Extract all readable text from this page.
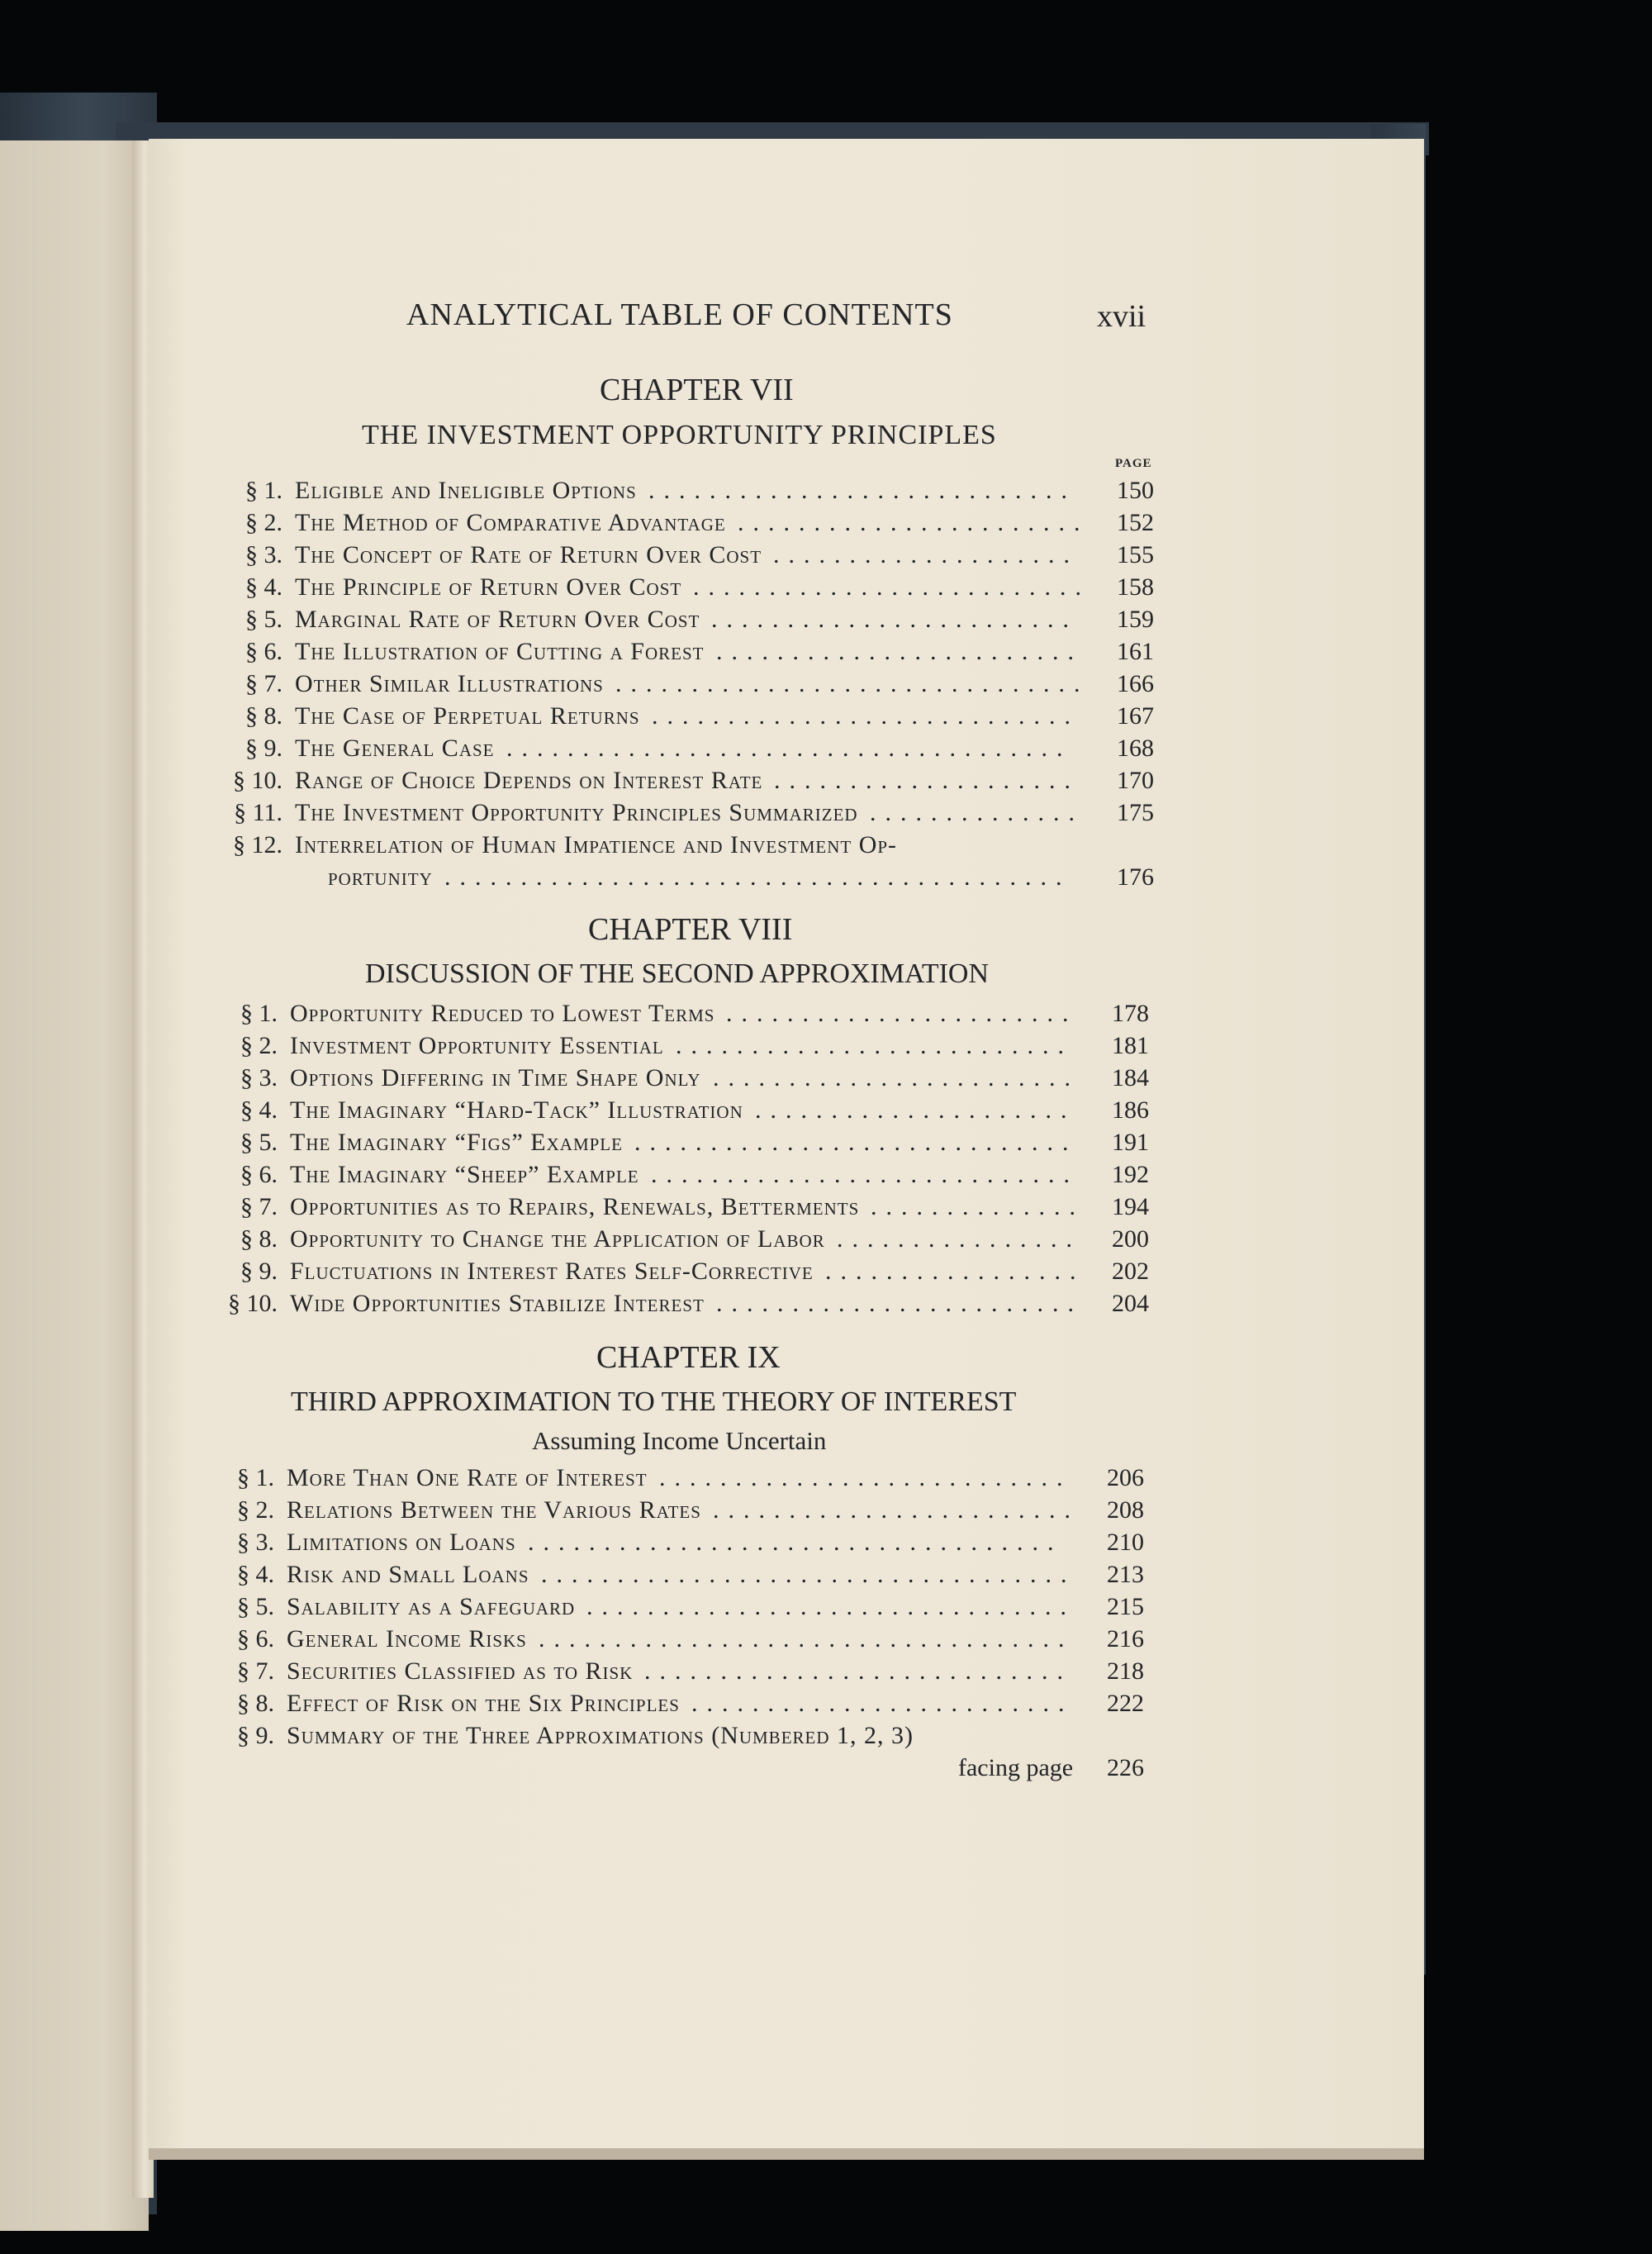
ANALYTICAL TABLE OF CONTENTS	xvii
PAGE
CHAPTER VII
THE INVESTMENT OPPORTUNITY PRINCIPLES
CHAPTER VIII
DISCUSSION OF THE SECOND APPROXIMATION
CHAPTER IX
THIRD APPROXIMATION TO THE THEORY OF INTEREST
Assuming Income Uncertain
§ 1. Eligible and Ineligible Options ............................ 150
§ 2. The Method of Comparative Advantage ....................... 152
§ 3. The Concept of Rate of Return Over Cost .................... 155
§ 4. The Principle of Return Over Cost .......................... 158
§ 5. Marginal Rate of Return Over Cost ........................ 159
§ 6. The Illustration of Cutting a Forest ........................ 161
§ 7. Other Similar Illustrations ............................... 166
§ 8. The Case of Perpetual Returns ............................ 167
§ 9. The General Case ..................................... 168
§ 10. Range of Choice Depends on Interest Rate .................... 170
§ 11. The Investment Opportunity Principles Summarized .............. 175
§ 12. Interrelation of Human Impatience and Investment Op-
176
portunity .........................................
§ 1. Opportunity Reduced to Lowest Terms ....................... 178
§ 2. Investment Opportunity Essential .......................... 181
§ 3. Options Differing in Time Shape Only ........................ 184
§ 4. The Imaginary “Hard-Tack” Illustration ..................... 186
§ 5. The Imaginary “Figs” Example ............................. 191
§ 6. The Imaginary “Sheep” Example ............................ 192
§ 7. Opportunities as to Repairs, Renewals, Betterments .............. 194
§ 8. Opportunity to Change the Application of Labor ................ 200
§ 9. Fluctuations in Interest Rates Self-Corrective ................. 202
§ 10. Wide Opportunities Stabilize Interest ........................ 204
§ 1. More Than One Rate of Interest ........................... 206
§ 2. Relations Between the Various Rates ........................ 208
§ 3. Limitations on Loans ................................... 210
§ 4. Risk and Small Loans ................................... 213
§ 5. Salability as a Safeguard ................................ 215
§ 6. General Income Risks ................................... 216
§ 7. Securities Classified as to Risk ............................ 218
§ 8. Effect of Risk on the Six Principles ......................... 222
§ 9. Summary of the Three Approximations (Numbered 1, 2, 3)
226
facing page
